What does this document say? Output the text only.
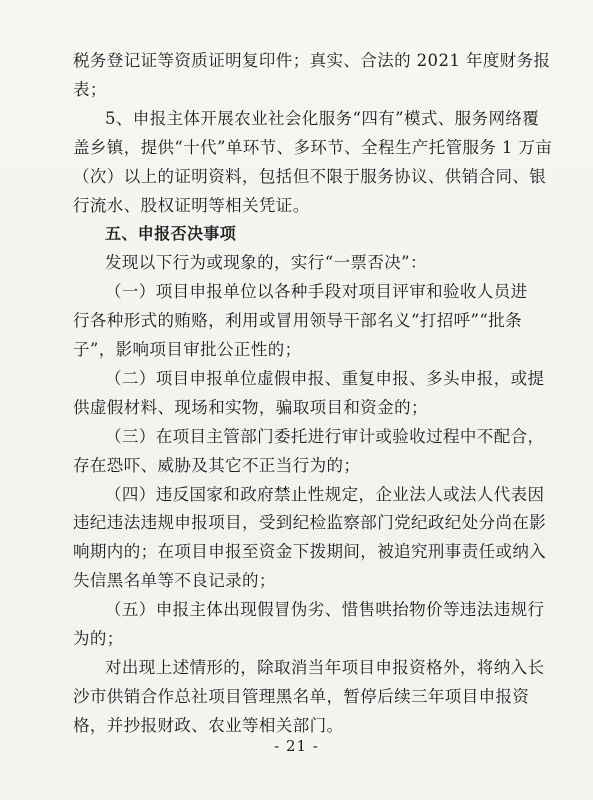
税务登记证等资质证明复印件；真实、合法的 2021 年度财务报
表；
5、申报主体开展农业社会化服务“四有”模式、服务网络覆
盖乡镇，提供“十代”单环节、多环节、全程生产托管服务 1 万亩
（次）以上的证明资料，包括但不限于服务协议、供销合同、银
行流水、股权证明等相关凭证。
五、申报否决事项
发现以下行为或现象的，实行“一票否决”：
（一）项目申报单位以各种手段对项目评审和验收人员进
行各种形式的贿赂，利用或冒用领导干部名义“打招呼”“批条
子”，影响项目审批公正性的；
（二）项目申报单位虚假申报、重复申报、多头申报，或提
供虚假材料、现场和实物，骗取项目和资金的；
（三）在项目主管部门委托进行审计或验收过程中不配合，
存在恐吓、威胁及其它不正当行为的；
（四）违反国家和政府禁止性规定，企业法人或法人代表因
违纪违法违规申报项目，受到纪检监察部门党纪政纪处分尚在影
响期内的；在项目申报至资金下拨期间，被追究刑事责任或纳入
失信黑名单等不良记录的；
（五）申报主体出现假冒伪劣、惜售哄抬物价等违法违规行
为的；
对出现上述情形的，除取消当年项目申报资格外，将纳入长
沙市供销合作总社项目管理黑名单，暂停后续三年项目申报资
格，并抄报财政、农业等相关部门。
- 21 -
